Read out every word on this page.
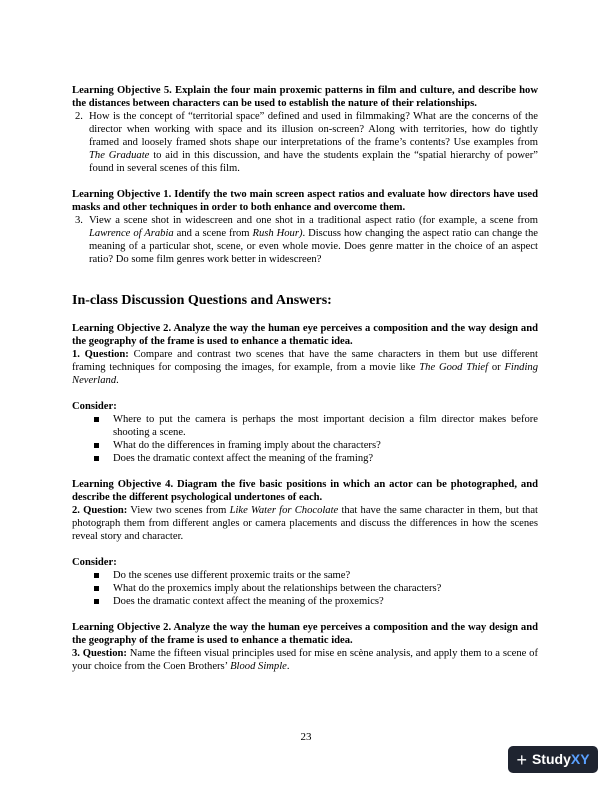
Learning Objective 5. Explain the four main proxemic patterns in film and culture, and describe how the distances between characters can be used to establish the nature of their relationships.

2. How is the concept of “territorial space” defined and used in filmmaking? What are the concerns of the director when working with space and its illusion on-screen? Along with territories, how do tightly framed and loosely framed shots shape our interpretations of the frame’s contents? Use examples from The Graduate to aid in this discussion, and have the students explain the “spatial hierarchy of power” found in several scenes of this film.

Learning Objective 1. Identify the two main screen aspect ratios and evaluate how directors have used masks and other techniques in order to both enhance and overcome them.

3. View a scene shot in widescreen and one shot in a traditional aspect ratio (for example, a scene from Lawrence of Arabia and a scene from Rush Hour). Discuss how changing the aspect ratio can change the meaning of a particular shot, scene, or even whole movie. Does genre matter in the choice of an aspect ratio? Do some film genres work better in widescreen?
In-class Discussion Questions and Answers:

Learning Objective 2. Analyze the way the human eye perceives a composition and the way design and the geography of the frame is used to enhance a thematic idea.

1. Question: Compare and contrast two scenes that have the same characters in them but use different framing techniques for composing the images, for example, from a movie like The Good Thief or Finding Neverland.

Consider:

Where to put the camera is perhaps the most important decision a film director makes before shooting a scene.
What do the differences in framing imply about the characters?
Does the dramatic context affect the meaning of the framing?

Learning Objective 4. Diagram the five basic positions in which an actor can be photographed, and describe the different psychological undertones of each.

2. Question: View two scenes from Like Water for Chocolate that have the same character in them, but that photograph them from different angles or camera placements and discuss the differences in how the scenes reveal story and character.

Consider:

Do the scenes use different proxemic traits or the same?
What do the proxemics imply about the relationships between the characters?
Does the dramatic context affect the meaning of the proxemics?

Learning Objective 2. Analyze the way the human eye perceives a composition and the way design and the geography of the frame is used to enhance a thematic idea.

3. Question: Name the fifteen visual principles used for mise en scène analysis, and apply them to a scene of your choice from the Coen Brothers’ Blood Simple.

23
+ StudyXY
